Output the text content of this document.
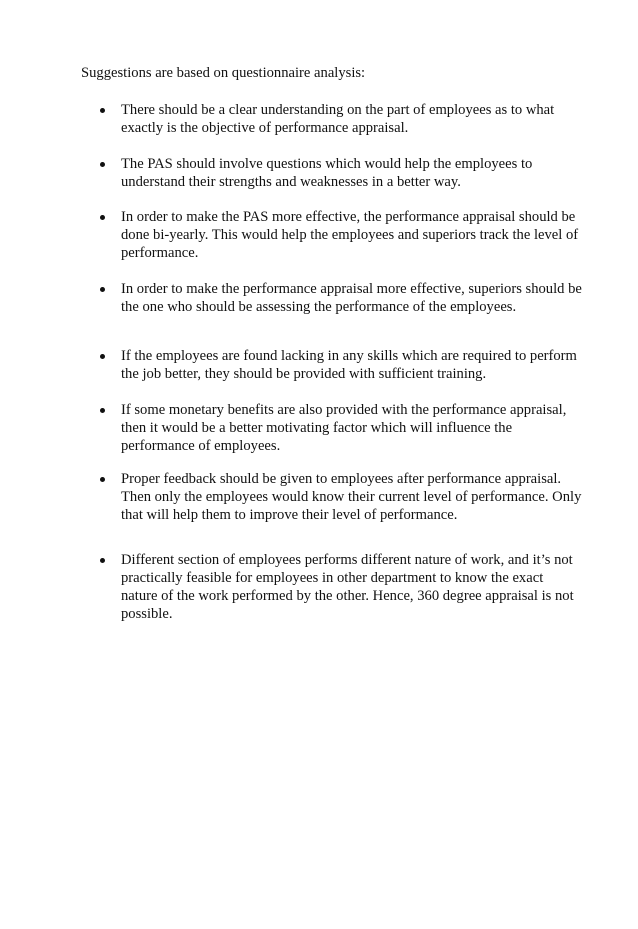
Suggestions are based on questionnaire analysis:

There should be a clear understanding on the part of employees as to what exactly is the objective of performance appraisal.
The PAS should involve questions which would help the employees to understand their strengths and weaknesses in a better way.
In order to make the PAS more effective, the performance appraisal should be done bi-yearly. This would help the employees and superiors track the level of performance.
In order to make the performance appraisal more effective, superiors should be the one who should be assessing the performance of the employees.
If the employees are found lacking in any skills which are required to perform the job better, they should be provided with sufficient training.
If some monetary benefits are also provided with the performance appraisal, then it would be a better motivating factor which will influence the performance of employees.
Proper feedback should be given to employees after performance appraisal. Then only the employees would know their current level of performance. Only that will help them to improve their level of performance.
Different section of employees performs different nature of work, and it’s not practically feasible for employees in other department to know the exact nature of the work performed by the other. Hence, 360 degree appraisal is not possible.
